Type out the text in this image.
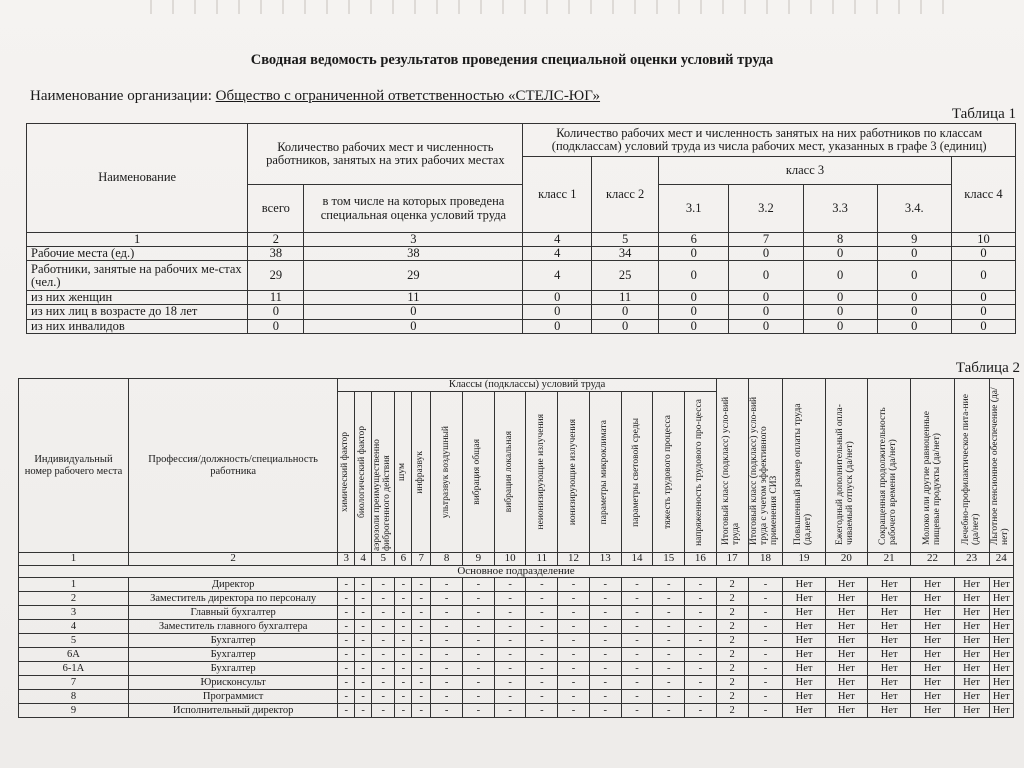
Сводная ведомость результатов проведения специальной оценки условий труда
Наименование организации: Общество с ограниченной ответственностью «СТЕЛС-ЮГ»
Таблица 1
Наименование	Количество рабочих мест и численность работников, занятых на этих рабочих местах		Количество рабочих мест и численность занятых на них работников по классам (подклассам) условий труда из числа рабочих мест, указанных в графе 3 (единиц)						
			класс 1	класс 2	класс 3				класс 4
	всего	в том числе на которых проведена специальная оценка условий труда			3.1	3.2	3.3	3.4.	
1	2	3	4	5	6	7	8	9	10
Рабочие места (ед.)	38	38	4	34	0	0	0	0	0
Работники, занятые на рабочих ме-стах (чел.)	29	29	4	25	0	0	0	0	0
из них женщин	11	11	0	11	0	0	0	0	0
из них лиц в возрасте до 18 лет	0	0	0	0	0	0	0	0	0
из них инвалидов	0	0	0	0	0	0	0	0	0
Таблица 2
Индивидуальный номер рабочего места	Профессия/должность/специальность работника	Классы (подклассы) условий труда														Итоговый класс (подкласс) усло-вий труда	Итоговый класс (подкласс) усло-вий труда с учетом эффективного применения СИЗ	Повышенный размер оплаты труда (да,нет)	Ежегодный дополнительный опла-чиваемый отпуск (да/нет)	Сокращенная продолжительность рабочего времени (да/нет)	Молоко или другие равноценные пищевые продукты (да/нет)	Лечебно-профилактическое пита-ние (да/нет)	Льготное пенсионное обеспечение (да/нет)

		химический фактор	биологический фактор	аэрозоли преимущественно фиброгенного действия	шум	инфразвук	ультразвук воздушный	вибрация общая	вибрация локальная	неионизирующие излучения	ионизирующие излучения	параметры микроклимата	параметры световой среды	тяжесть трудового процесса	напряженность трудового про-цесса								

1	2	3	4	5	6	7	8	9	10	11	12	13	14	15	16	17	18	19	20	21	22	23	24
Основное подразделение																							
1	Директор	-	-	-	-	-	-	-	-	-	-	-	-	-	-	2	-	Нет	Нет	Нет	Нет	Нет	Нет
2	Заместитель директора по персоналу	-	-	-	-	-	-	-	-	-	-	-	-	-	-	2	-	Нет	Нет	Нет	Нет	Нет	Нет
3	Главный бухгалтер	-	-	-	-	-	-	-	-	-	-	-	-	-	-	2	-	Нет	Нет	Нет	Нет	Нет	Нет
4	Заместитель главного бухгалтера	-	-	-	-	-	-	-	-	-	-	-	-	-	-	2	-	Нет	Нет	Нет	Нет	Нет	Нет
5	Бухгалтер	-	-	-	-	-	-	-	-	-	-	-	-	-	-	2	-	Нет	Нет	Нет	Нет	Нет	Нет
6А	Бухгалтер	-	-	-	-	-	-	-	-	-	-	-	-	-	-	2	-	Нет	Нет	Нет	Нет	Нет	Нет
6-1А	Бухгалтер	-	-	-	-	-	-	-	-	-	-	-	-	-	-	2	-	Нет	Нет	Нет	Нет	Нет	Нет
7	Юрисконсульт	-	-	-	-	-	-	-	-	-	-	-	-	-	-	2	-	Нет	Нет	Нет	Нет	Нет	Нет
8	Программист	-	-	-	-	-	-	-	-	-	-	-	-	-	-	2	-	Нет	Нет	Нет	Нет	Нет	Нет
9	Исполнительный директор	-	-	-	-	-	-	-	-	-	-	-	-	-	-	2	-	Нет	Нет	Нет	Нет	Нет	Нет
